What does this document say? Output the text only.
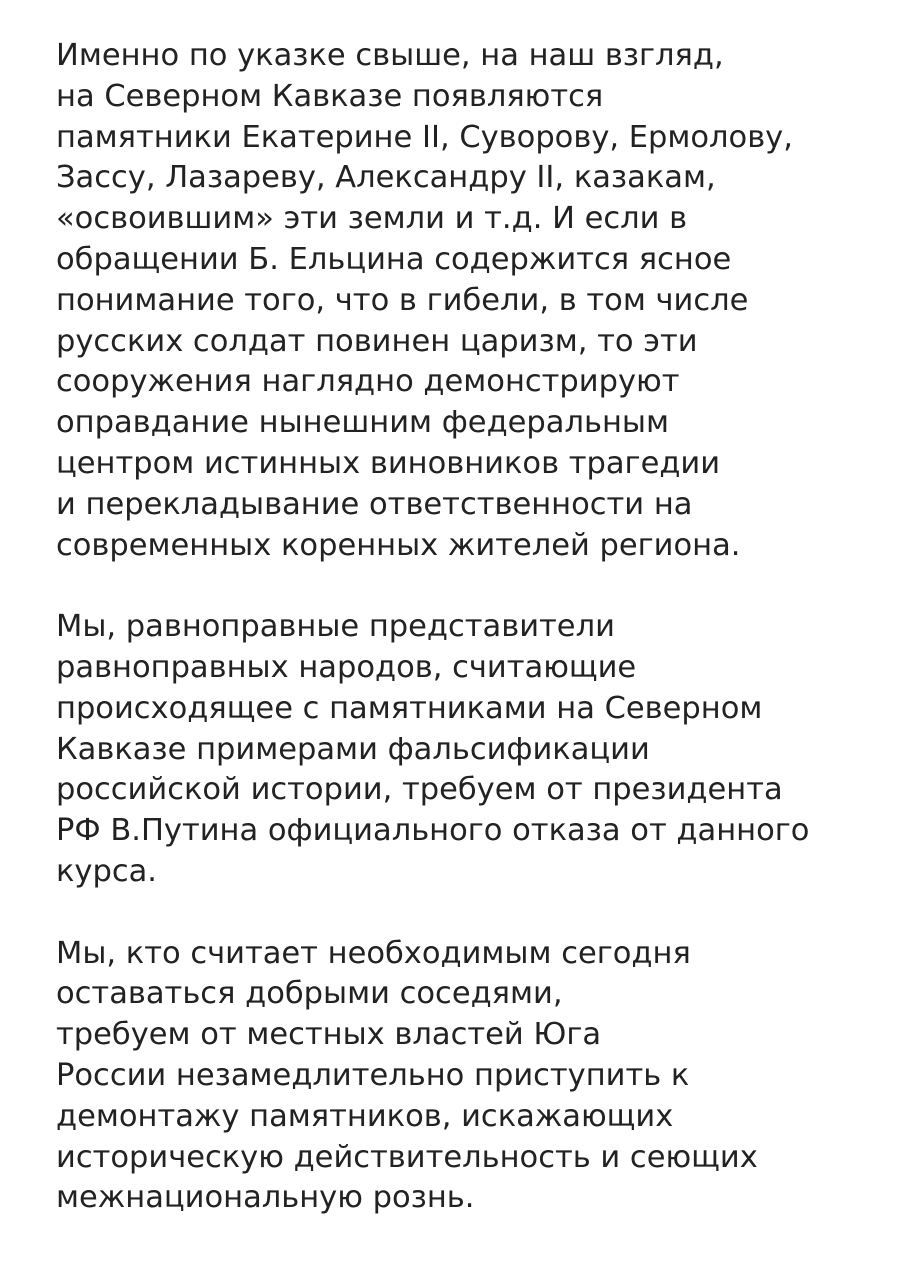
Именно по указке свыше, на наш взгляд,
на Северном Кавказе появляются
памятники Екатерине II, Суворову, Ермолову,
Зассу, Лазареву, Александру II, казакам,
«освоившим» эти земли и т.д. И если в
обращении Б. Ельцина содержится ясное
понимание того, что в гибели, в том числе
русских солдат повинен царизм, то эти
сооружения наглядно демонстрируют
оправдание нынешним федеральным
центром истинных виновников трагедии
и перекладывание ответственности на
современных коренных жителей региона.

Мы, равноправные представители
равноправных народов, считающие
происходящее с памятниками на Северном
Кавказе примерами фальсификации
российской истории, требуем от президента
РФ В.Путина официального отказа от данного
курса.

Мы, кто считает необходимым сегодня
оставаться добрыми соседями,
требуем от местных властей Юга
России незамедлительно приступить к
демонтажу памятников, искажающих
историческую действительность и сеющих
межнациональную рознь.
